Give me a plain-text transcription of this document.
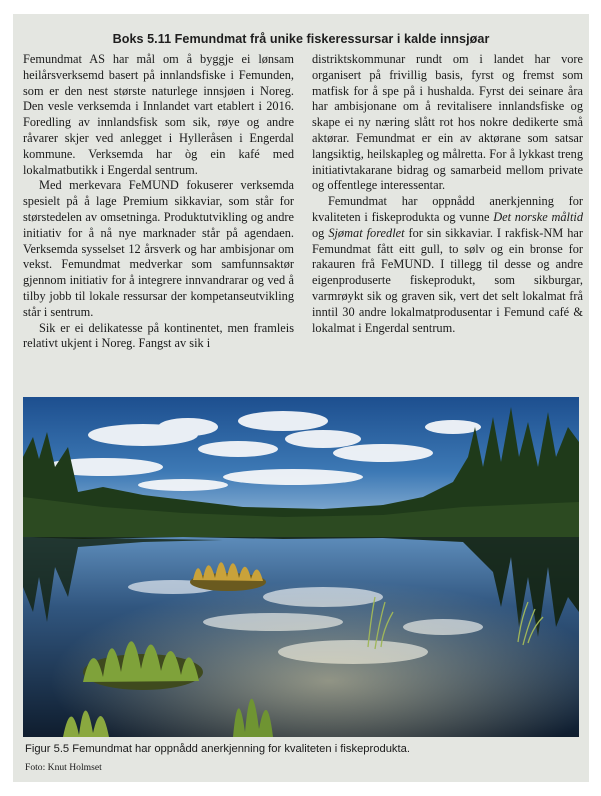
Boks 5.11 Femundmat frå unike fiskeressursar i kalde innsjøar

Femundmat AS har mål om å byggje ei lønsam heilårsverksemd basert på innlandsfiske i Femunden, som er den nest største naturlege innsjøen i Noreg. Den vesle verksemda i Innlandet vart etablert i 2016. Foredling av innlandsfisk som sik, røye og andre råvarer skjer ved anlegget i Hylleråsen i Engerdal kommune. Verksemda har òg ein kafé med lokalmatbutikk i Engerdal sentrum.

Med merkevara FeMUND fokuserer verksemda spesielt på å lage Premium sikkaviar, som står for størstedelen av omsetninga. Produktutvikling og andre initiativ for å nå nye marknader står på agendaen. Verksemda sysselset 12 årsverk og har ambisjonar om vekst. Femundmat medverkar som samfunnsaktør gjennom initiativ for å integrere innvandrarar og ved å tilby jobb til lokale ressursar der kompetanseutvikling står i sentrum.

Sik er ei delikatesse på kontinentet, men framleis relativt ukjent i Noreg. Fangst av sik i

distriktskommunar rundt om i landet har vore organisert på frivillig basis, fyrst og fremst som matfisk for å spe på i hushalda. Fyrst dei seinare åra har ambisjonane om å revitalisere innlandsfiske og skape ei ny næring slått rot hos nokre dedikerte små aktørar. Femundmat er ein av aktørane som satsar langsiktig, heilskapleg og målretta. For å lykkast treng initiativtakarane bidrag og samarbeid mellom private og offentlege interessentar.

Femundmat har oppnådd anerkjenning for kvaliteten i fiskeprodukta og vunne Det norske måltid og Sjømat foredlet for sin sikkaviar. I rakfisk-NM har Femundmat fått eitt gull, to sølv og ein bronse for rakauren frå FeMUND. I tillegg til desse og andre eigenproduserte fiskeprodukt, som sikburgar, varmrøykt sik og graven sik, vert det selt lokalmat frå inntil 30 andre lokalmatprodusentar i Femund café & lokalmat i Engerdal sentrum.

Figur 5.5 Femundmat har oppnådd anerkjenning for kvaliteten i fiskeprodukta.
Foto: Knut Holmset
